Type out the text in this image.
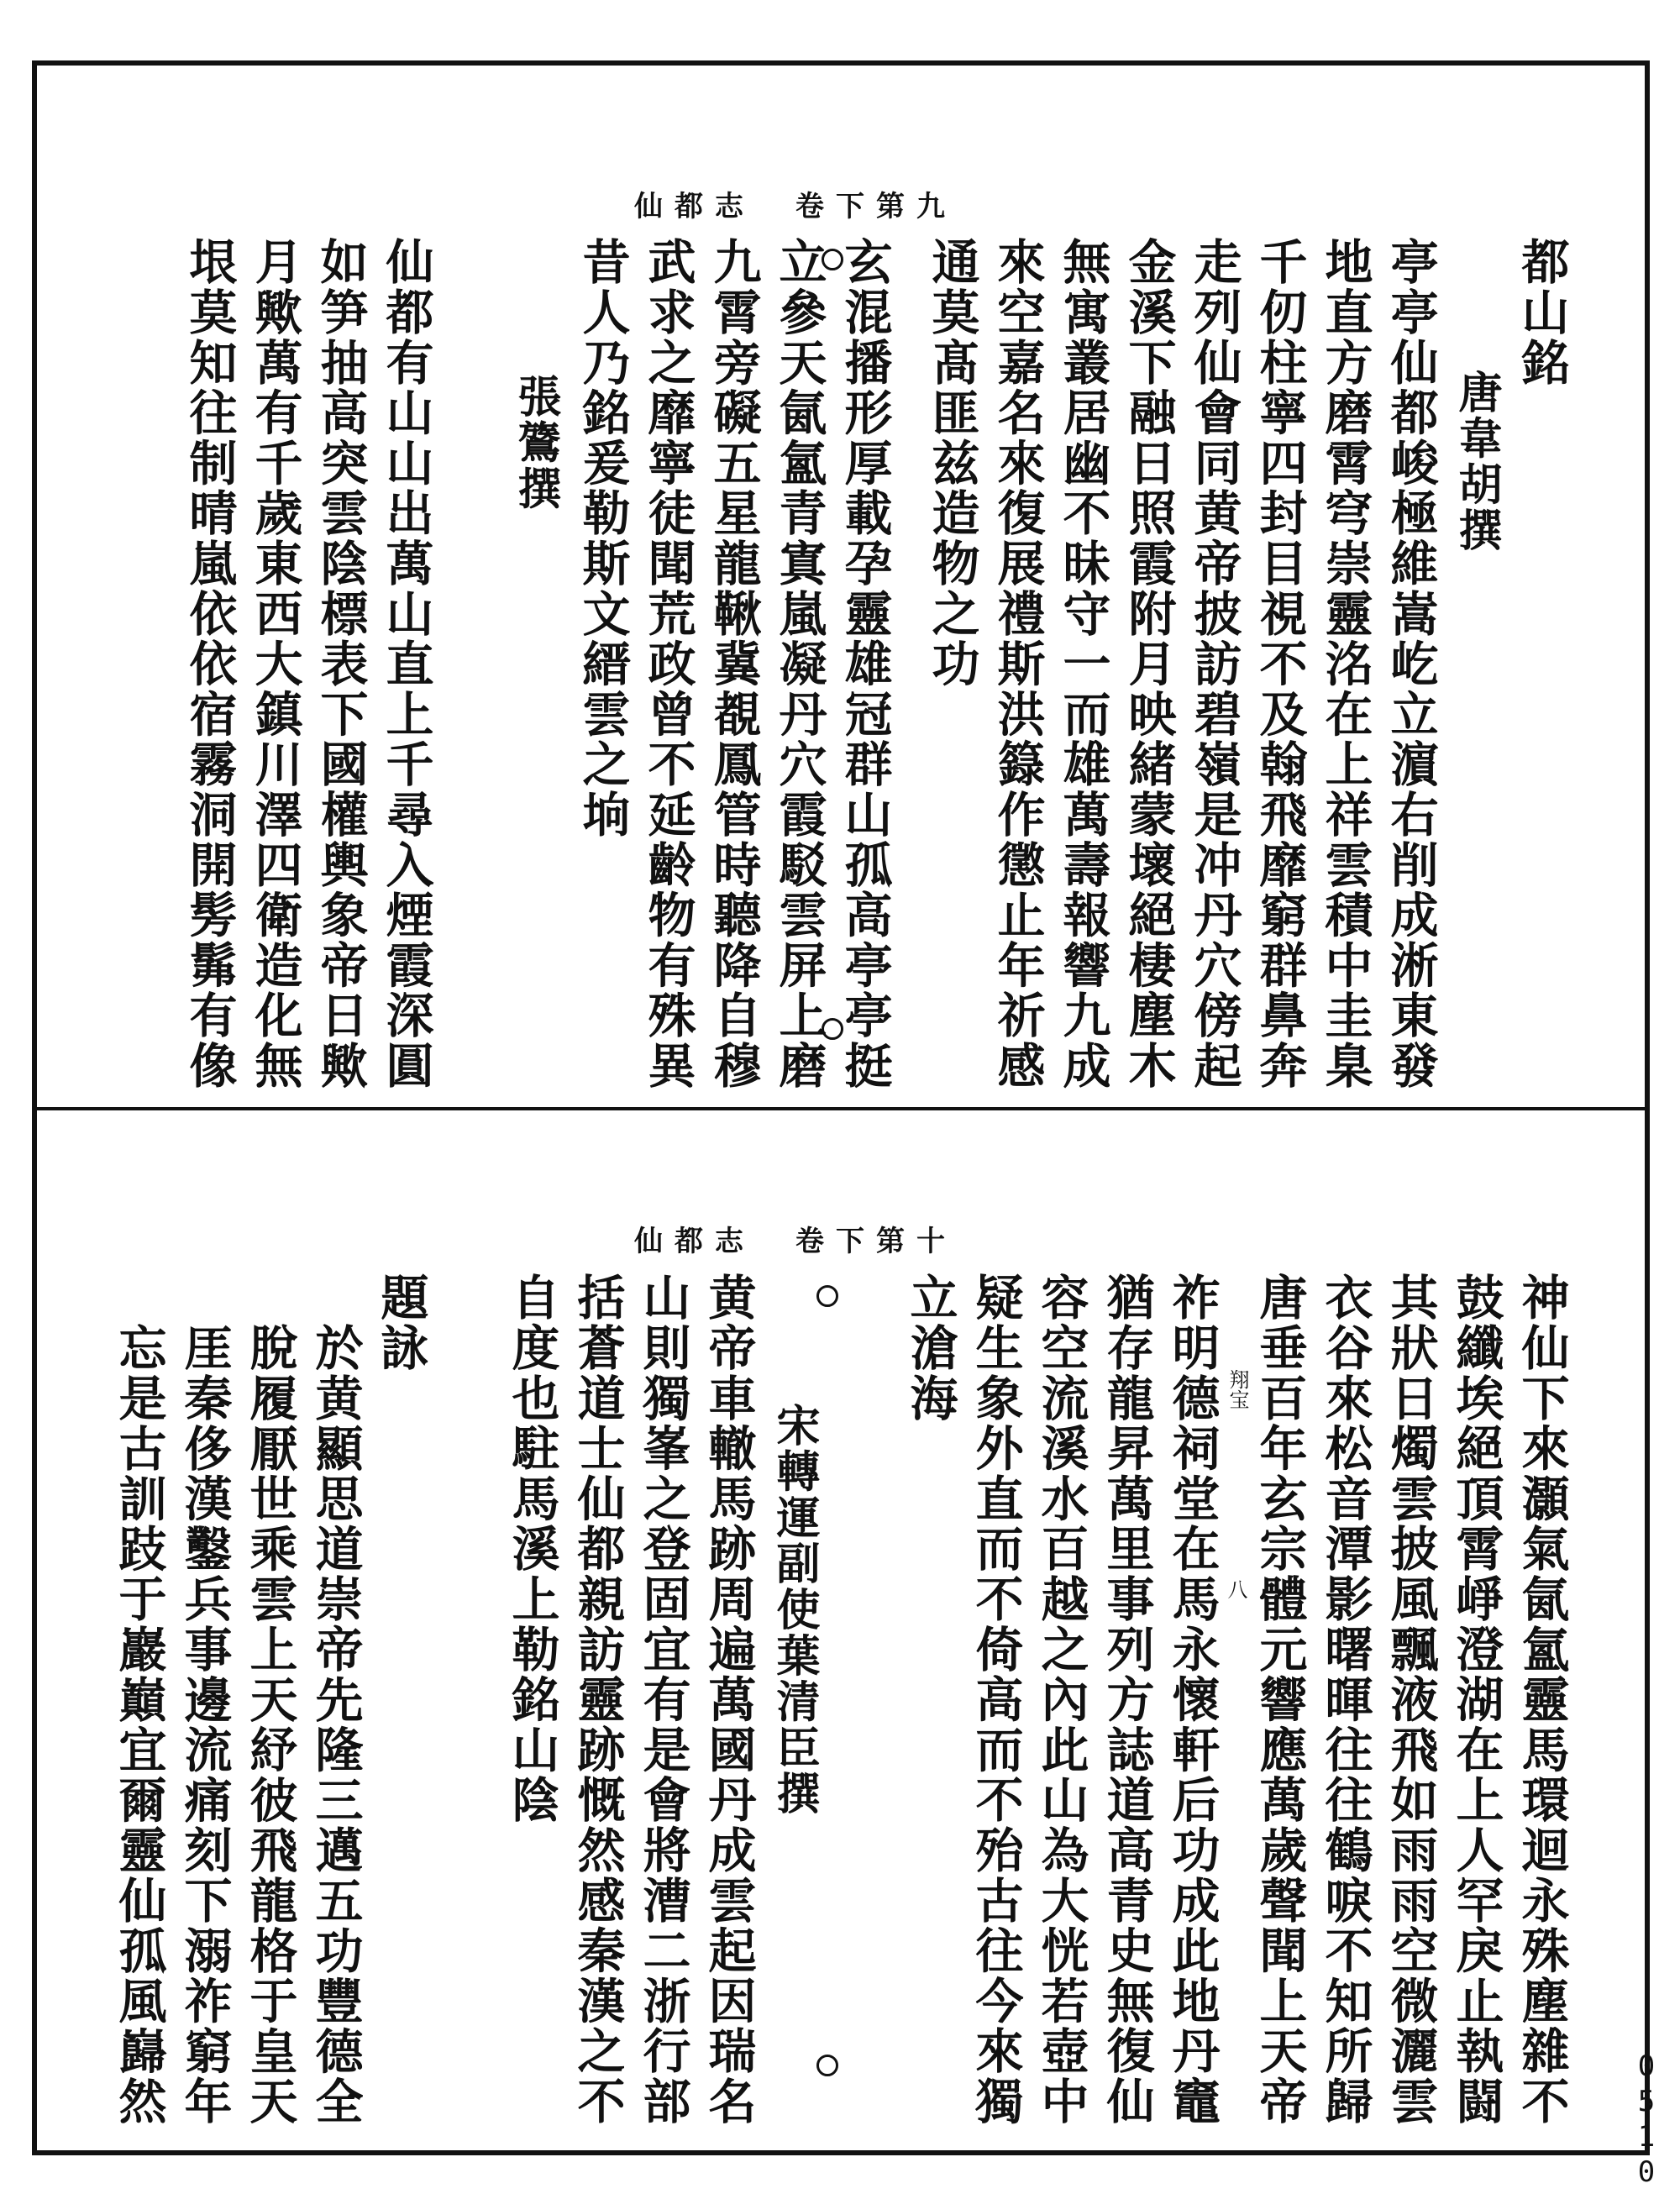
仙都志　卷下第九
都山銘
唐韋胡撰
亭亭仙都峻極維嵩屹立濵右削成淅東發
地直方磨霄穹崇靈洺在上祥雲積中圭臬
千仞柱寧四封目視不及翰飛靡窮群鼻奔
走列仙會同黄帝披訪碧嶺是冲丹穴傍起
金溪下融日照霞附月映緒蒙壞絕棲塵木
無寓叢居幽不昧守一而雄萬壽報響九成
來空嘉名來復展禮斯洪籙作懲止年祈感
通莫髙匪兹造物之功
玄混播形厚載孕靈雄冠群山孤高亭亭挺
立參天氤氳青寘嵐凝丹穴霞駁雲屏上磨
九霄旁礙五星龍鞦冀覩鳳管時聽降自穆
武求之靡寧徒聞荒政曾不延齡物有殊異
昔人乃銘爰勒斯文縉雲之垧
張鷟撰
仙都有山山出萬山直上千尋入煙霞深圓
如笋抽高突雲陰標表下國權輿象帝日歟
月歟萬有千歲東西大鎮川澤四衛造化無
垠莫知往制晴嵐依依宿霧洞開髣髴有像
仙都志　卷下第十
神仙下來灝氣氤氳靈馬環迴永殊塵雜不
鼓纖埃絕頂霄崢澄湖在上人罕戾止執闘
其狀日燭雲披風飄液飛如雨雨空微灑雲
衣谷來松音潭影曙暉往往鶴唳不知所歸
唐垂百年玄宗體元響應萬歲聲聞上天帝
祚明德祠堂在馬永懷軒后功成此地丹竈
猶存龍昇萬里事列方誌道高青史無復仙
容空流溪水百越之內此山為大恍若壺中
疑生象外直而不倚高而不殆古往今來獨
立滄海
宋轉運副使葉清臣撰
黄帝車轍馬跡周遍萬國丹成雲起因瑞名
山則獨峯之登固宜有是會將漕二浙行部
括蒼道士仙都親訪靈跡慨然感秦漢之不
自度也駐馬溪上勒銘山陰
題詠
於黄顯思道崇帝先隆三邁五功豐德全
脫履厭世乘雲上天紓彼飛龍格于皇天
厓秦侈漢鑿兵事邊流痛刻下溺祚窮年
忘是古訓跂于巖巔宜爾靈仙孤風巋然	翔宝
八
0510
